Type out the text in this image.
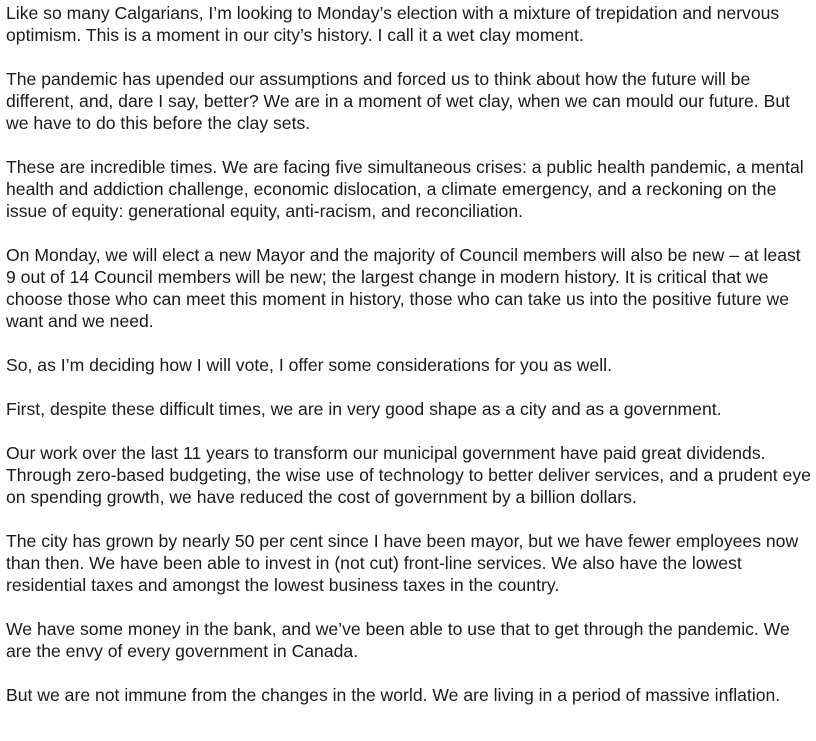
Like so many Calgarians, I’m looking to Monday’s election with a mixture of trepidation and nervous optimism. This is a moment in our city’s history. I call it a wet clay moment.

The pandemic has upended our assumptions and forced us to think about how the future will be different, and, dare I say, better? We are in a moment of wet clay, when we can mould our future. But we have to do this before the clay sets.

These are incredible times. We are facing five simultaneous crises: a public health pandemic, a mental health and addiction challenge, economic dislocation, a climate emergency, and a reckoning on the issue of equity: generational equity, anti-racism, and reconciliation.

On Monday, we will elect a new Mayor and the majority of Council members will also be new – at least 9 out of 14 Council members will be new; the largest change in modern history. It is critical that we choose those who can meet this moment in history, those who can take us into the positive future we want and we need.

So, as I’m deciding how I will vote, I offer some considerations for you as well.

First, despite these difficult times, we are in very good shape as a city and as a government.

Our work over the last 11 years to transform our municipal government have paid great dividends. Through zero-based budgeting, the wise use of technology to better deliver services, and a prudent eye on spending growth, we have reduced the cost of government by a billion dollars.

The city has grown by nearly 50 per cent since I have been mayor, but we have fewer employees now than then. We have been able to invest in (not cut) front-line services. We also have the lowest residential taxes and amongst the lowest business taxes in the country.

We have some money in the bank, and we’ve been able to use that to get through the pandemic. We are the envy of every government in Canada.

But we are not immune from the changes in the world. We are living in a period of massive inflation.
